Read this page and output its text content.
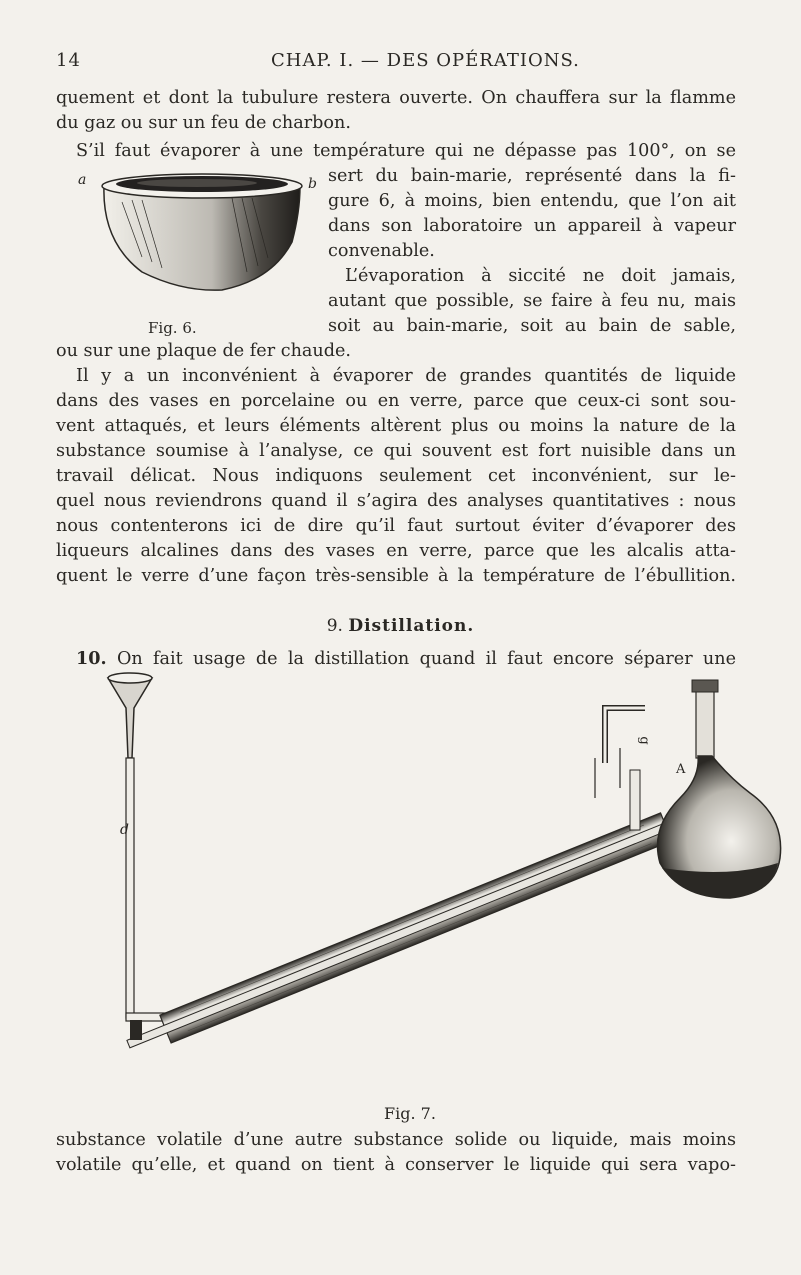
14	CHAP. I. — DES OPÉRATIONS.
quement et dont la tubulure restera ouverte. On chauffera sur la flamme
du gaz ou sur un feu de charbon.
S’il faut évaporer à une température qui ne dépasse pas 100°, on se
sert du bain-marie, représenté dans la fi-
gure 6, à moins, bien entendu, que l’on ait
dans son laboratoire un appareil à vapeur
convenable.
L’évaporation à siccité ne doit jamais,
autant que possible, se faire à feu nu, mais
soit au bain-marie, soit au bain de sable,
ou sur une plaque de fer chaude.
a	b
Fig. 6.
Il y a un inconvénient à évaporer de grandes quantités de liquide
dans des vases en porcelaine ou en verre, parce que ceux-ci sont sou-
vent attaqués, et leurs éléments altèrent plus ou moins la nature de la
substance soumise à l’analyse, ce qui souvent est fort nuisible dans un
travail délicat. Nous indiquons seulement cet inconvénient, sur le-
quel nous reviendrons quand il s’agira des analyses quantitatives : nous
nous contenterons ici de dire qu’il faut surtout éviter d’évaporer des
liqueurs alcalines dans des vases en verre, parce que les alcalis atta-
quent le verre d’une façon très-sensible à la température de l’ébullition.
9. Distillation.
10. On fait usage de la distillation quand il faut encore séparer une
d
g
A
Fig. 7.
substance volatile d’une autre substance solide ou liquide, mais moins
volatile qu’elle, et quand on tient à conserver le liquide qui sera vapo-
